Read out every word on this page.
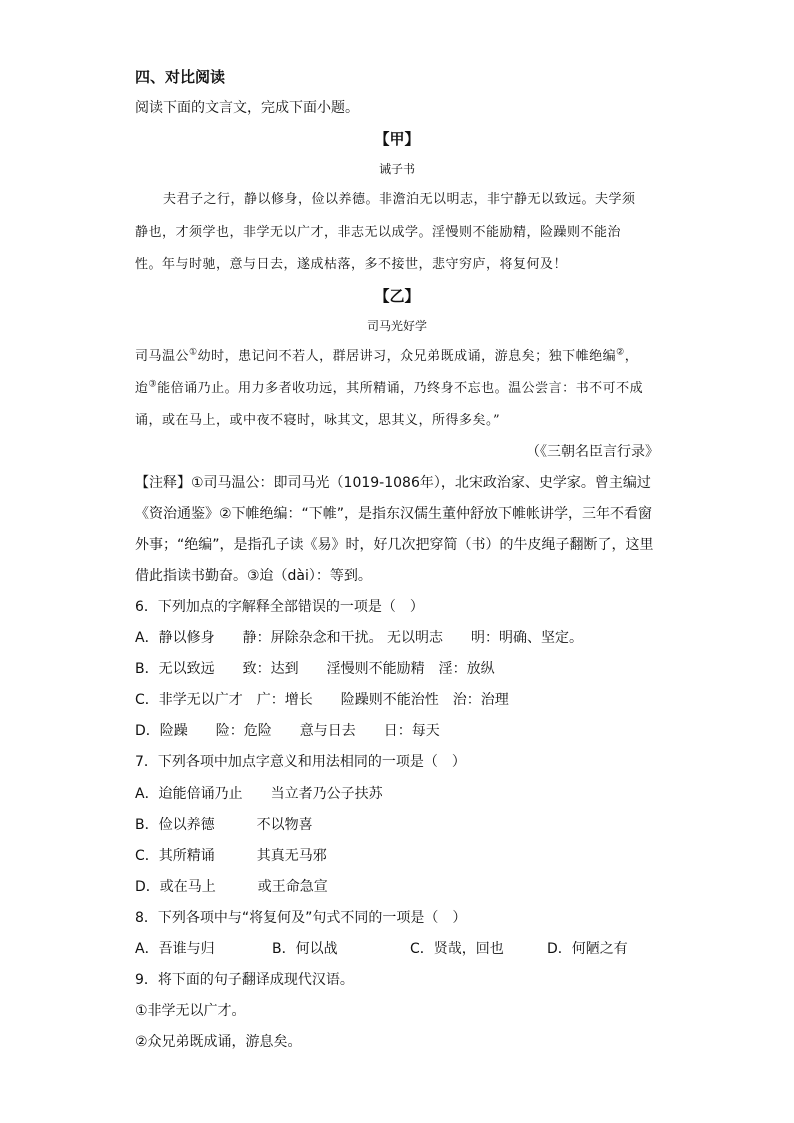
四、对比阅读
阅读下面的文言文，完成下面小题。
【甲】
诫子书
夫君子之行，静以修身，俭以养德。非澹泊无以明志，非宁静无以致远。夫学须
静也，才须学也，非学无以广才，非志无以成学。淫慢则不能励精，险躁则不能治
性。年与时驰，意与日去，遂成枯落，多不接世，悲守穷庐，将复何及！
【乙】
司马光好学
司马温公①幼时，患记问不若人，群居讲习，众兄弟既成诵，游息矣；独下帷绝编②，
迨③能倍诵乃止。用力多者收功远，其所精诵，乃终身不忘也。温公尝言：书不可不成
诵，或在马上，或中夜不寝时，咏其文，思其义，所得多矣。”
（《三朝名臣言行录》
【注释】①司马温公：即司马光（1019-1086年），北宋政治家、史学家。曾主编过
《资治通鉴》②下帷绝编：“下帷”，是指东汉儒生董仲舒放下帷帐讲学，三年不看窗
外事；“绝编”，是指孔子读《易》时，好几次把穿简（书）的牛皮绳子翻断了，这里
借此指读书勤奋。③迨（dài）：等到。
6．下列加点的字解释全部错误的一项是（　）
A．静以修身　　静：屏除杂念和干扰。 无以明志　　明：明确、坚定。
B．无以致远　　致：达到　　淫慢则不能励精　淫：放纵
C．非学无以广才　广：增长　　险躁则不能治性　治：治理
D．险躁　　险：危险　　意与日去　　日：每天
7．下列各项中加点字意义和用法相同的一项是（　）
A．迨能倍诵乃止　　当立者乃公子扶苏
B．俭以养德　　　不以物喜
C．其所精诵　　　其真无马邪
D．或在马上　　　或王命急宣
8．下列各项中与“将复何及”句式不同的一项是（　）
A．吾谁与归	B．何以战	C．贤哉，回也	D．何陋之有
9．将下面的句子翻译成现代汉语。
①非学无以广才。
②众兄弟既成诵，游息矣。
